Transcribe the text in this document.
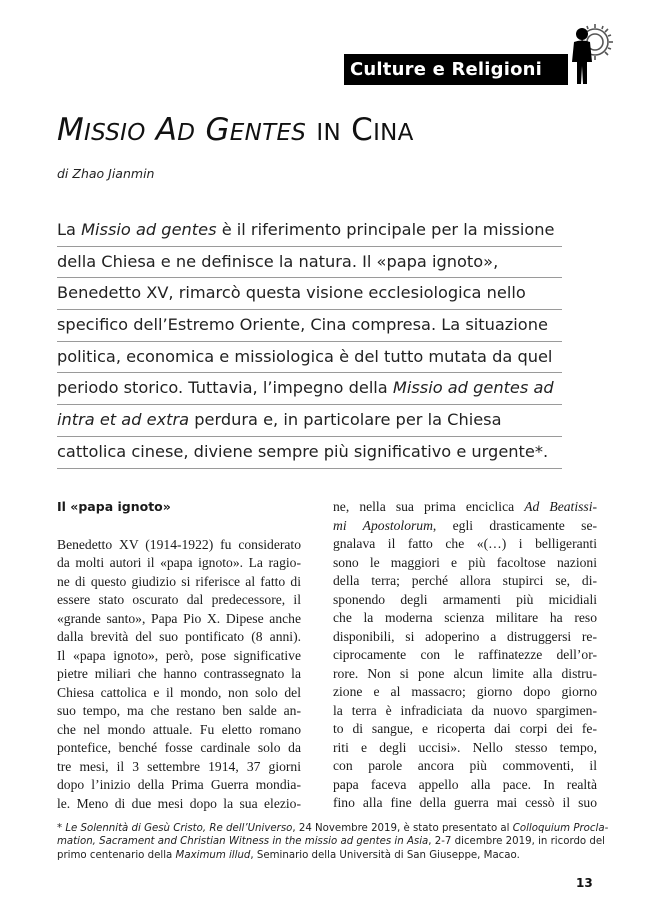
Culture e Religioni
MISSIO AD GENTES IN CINA
di Zhao Jianmin
La Missio ad gentes è il riferimento principale per la missione
della Chiesa e ne definisce la natura. Il «papa ignoto»,
Benedetto XV, rimarcò questa visione ecclesiologica nello
specifico dell’Estremo Oriente, Cina compresa. La situazione
politica, economica e missiologica è del tutto mutata da quel
periodo storico. Tuttavia, l’impegno della Missio ad gentes ad
intra et ad extra perdura e, in particolare per la Chiesa
cattolica cinese, diviene sempre più significativo e urgente*.
Il «papa ignoto»
Benedetto XV (1914-1922) fu considerato
da molti autori il «papa ignoto». La ragio-
ne di questo giudizio si riferisce al fatto di
essere stato oscurato dal predecessore, il
«grande santo», Papa Pio X. Dipese anche
dalla brevità del suo pontificato (8 anni).
Il «papa ignoto», però, pose significative
pietre miliari che hanno contrassegnato la
Chiesa cattolica e il mondo, non solo del
suo tempo, ma che restano ben salde an-
che nel mondo attuale. Fu eletto romano
pontefice, benché fosse cardinale solo da
tre mesi, il 3 settembre 1914, 37 giorni
dopo l’inizio della Prima Guerra mondia-
le. Meno di due mesi dopo la sua elezio-
ne, nella sua prima enciclica Ad Beatissi-
mi Apostolorum, egli drasticamente se-
gnalava il fatto che «(…) i belligeranti
sono le maggiori e più facoltose nazioni
della terra; perché allora stupirci se, di-
sponendo degli armamenti più micidiali
che la moderna scienza militare ha reso
disponibili, si adoperino a distruggersi re-
ciprocamente con le raffinatezze dell’or-
rore. Non si pone alcun limite alla distru-
zione e al massacro; giorno dopo giorno
la terra è infradiciata da nuovo spargimen-
to di sangue, e ricoperta dai corpi dei fe-
riti e degli uccisi». Nello stesso tempo,
con parole ancora più commoventi, il
papa faceva appello alla pace. In realtà
fino alla fine della guerra mai cessò il suo
* Le Solennità di Gesù Cristo, Re dell’Universo, 24 Novembre 2019, è stato presentato al Colloquium Procla-
mation, Sacrament and Christian Witness in the missio ad gentes in Asia, 2-7 dicembre 2019, in ricordo del
primo centenario della Maximum illud, Seminario della Università di San Giuseppe, Macao.
13
